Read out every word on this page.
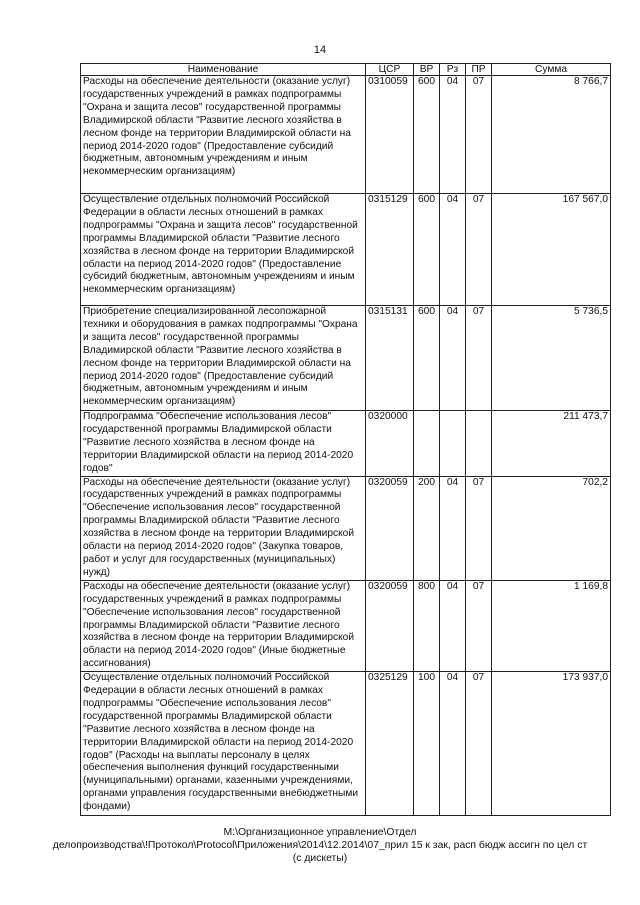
14
Наименование	ЦСР	ВР	Рз	ПР	Сумма
Расходы на обеспечение деятельности (оказание услуг) государственных учреждений в рамках подпрограммы "Охрана и защита лесов" государственной программы Владимирской области "Развитие лесного хозяйства в лесном фонде на территории Владимирской области на период 2014-2020 годов" (Предоставление субсидий бюджетным, автономным учреждениям и иным некоммерческим организациям)	0310059	600	04	07	8 766,7
Осуществление отдельных полномочий Российской Федерации в области лесных отношений в рамках подпрограммы "Охрана и защита лесов" государственной программы Владимирской области "Развитие лесного хозяйства в лесном фонде на территории Владимирской области на период 2014-2020 годов" (Предоставление субсидий бюджетным, автономным учреждениям и иным некоммерческим организациям)	0315129	600	04	07	167 567,0
Приобретение специализированной лесопожарной техники и оборудования в рамках подпрограммы "Охрана и защита лесов" государственной программы Владимирской области "Развитие лесного хозяйства в лесном фонде на территории Владимирской области на период 2014-2020 годов" (Предоставление субсидий бюджетным, автономным учреждениям и иным некоммерческим организациям)	0315131	600	04	07	5 736,5
Подпрограмма "Обеспечение использования лесов" государственной программы Владимирской области "Развитие лесного хозяйства в лесном фонде на территории Владимирской области на период 2014-2020 годов"	0320000				211 473,7
Расходы на обеспечение деятельности (оказание услуг) государственных учреждений в рамках подпрограммы "Обеспечение использования лесов" государственной программы Владимирской области "Развитие лесного хозяйства в лесном фонде на территории Владимирской области на период 2014-2020 годов" (Закупка товаров, работ и услуг для государственных (муниципальных) нужд)	0320059	200	04	07	702,2
Расходы на обеспечение деятельности (оказание услуг) государственных учреждений в рамках подпрограммы "Обеспечение использования лесов" государственной программы Владимирской области "Развитие лесного хозяйства в лесном фонде на территории Владимирской области на период 2014-2020 годов" (Иные бюджетные ассигнования)	0320059	800	04	07	1 169,8
Осуществление отдельных полномочий Российской Федерации в области лесных отношений в рамках подпрограммы "Обеспечение использования лесов" государственной программы Владимирской области "Развитие лесного хозяйства в лесном фонде на территории Владимирской области на период 2014-2020 годов" (Расходы на выплаты персоналу в целях обеспечения выполнения функций государственными (муниципальными) органами, казенными учреждениями, органами управления государственными внебюджетными фондами)	0325129	100	04	07	173 937,0
М:\Организационное управление\Отдел
делопроизводства\!Протокол\Protocol\Приложения\2014\12.2014\07_прил 15 к зак, расп бюдж ассигн по цел ст
(с дискеты)
